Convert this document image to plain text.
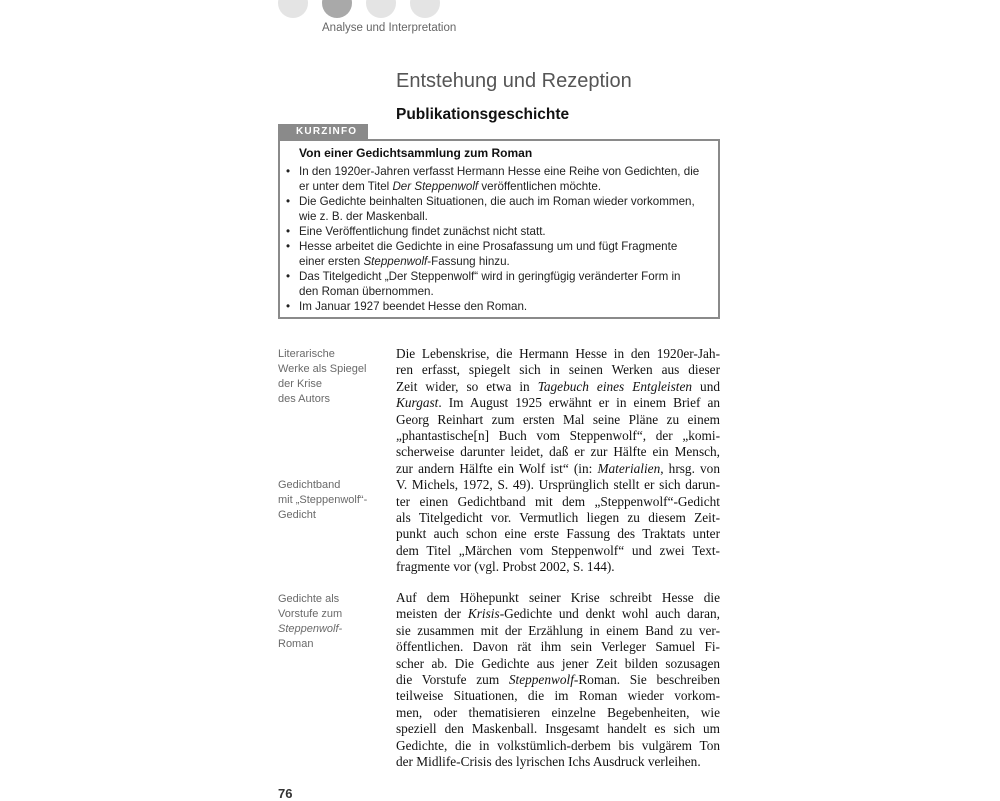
Analyse und Interpretation
Entstehung und Rezeption
Publikationsgeschichte
KURZINFO
Von einer Gedichtsammlung zum Roman
• In den 1920er-Jahren verfasst Hermann Hesse eine Reihe von Gedichten, die
er unter dem Titel Der Steppenwolf veröffentlichen möchte.
• Die Gedichte beinhalten Situationen, die auch im Roman wieder vorkommen,
wie z. B. der Maskenball.
• Eine Veröffentlichung findet zunächst nicht statt.
• Hesse arbeitet die Gedichte in eine Prosafassung um und fügt Fragmente
einer ersten Steppenwolf-Fassung hinzu.
• Das Titelgedicht „Der Steppenwolf“ wird in geringfügig veränderter Form in
den Roman übernommen.
• Im Januar 1927 beendet Hesse den Roman.
Literarische
Werke als Spiegel
der Krise
des Autors
Gedichtband
mit „Steppenwolf“-
Gedicht
Gedichte als
Vorstufe zum
Steppenwolf-
Roman
Die Lebenskrise, die Hermann Hesse in den 1920er-Jah-
ren erfasst, spiegelt sich in seinen Werken aus dieser
Zeit wider, so etwa in Tagebuch eines Entgleisten und
Kurgast. Im August 1925 erwähnt er in einem Brief an
Georg Reinhart zum ersten Mal seine Pläne zu einem
„phantastische[n] Buch vom Steppenwolf“, der „komi-
scherweise darunter leidet, daß er zur Hälfte ein Mensch,
zur andern Hälfte ein Wolf ist“ (in: Materialien, hrsg. von
V. Michels, 1972, S. 49). Ursprünglich stellt er sich darun-
ter einen Gedichtband mit dem „Steppenwolf“-Gedicht
als Titelgedicht vor. Vermutlich liegen zu diesem Zeit-
punkt auch schon eine erste Fassung des Traktats unter
dem Titel „Märchen vom Steppenwolf“ und zwei Text-
fragmente vor (vgl. Probst 2002, S. 144).
Auf dem Höhepunkt seiner Krise schreibt Hesse die
meisten der Krisis-Gedichte und denkt wohl auch daran,
sie zusammen mit der Erzählung in einem Band zu ver-
öffentlichen. Davon rät ihm sein Verleger Samuel Fi-
scher ab. Die Gedichte aus jener Zeit bilden sozusagen
die Vorstufe zum Steppenwolf-Roman. Sie beschreiben
teilweise Situationen, die im Roman wieder vorkom-
men, oder thematisieren einzelne Begebenheiten, wie
speziell den Maskenball. Insgesamt handelt es sich um
Gedichte, die in volkstümlich-derbem bis vulgärem Ton
der Midlife-Crisis des lyrischen Ichs Ausdruck verleihen.
76
